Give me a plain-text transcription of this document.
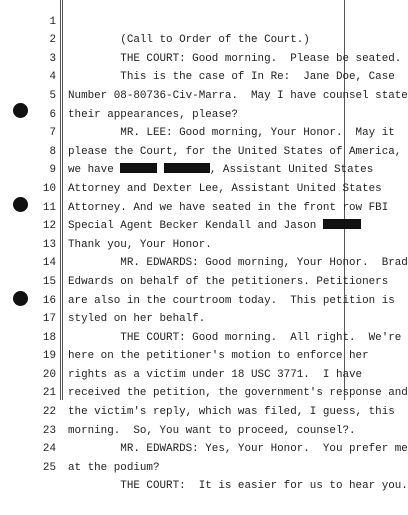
1

(Call to Order of the Court.)

2

THE COURT: Good morning.  Please be seated.

3

This is the case of In Re:  Jane Doe, Case

4

Number 08-80736-Civ-Marra.  May I have counsel state

5

their appearances, please?

6

MR. LEE: Good morning, Your Honor.  May it

7

please the Court, for the United States of America,

8

we have	, Assistant United States

9

Attorney and Dexter Lee, Assistant United States

10

Attorney. And we have seated in the front row FBI

11

Special Agent Becker Kendall and Jason

12

Thank you, Your Honor.

13

MR. EDWARDS: Good morning, Your Honor.  Brad

14

Edwards on behalf of the petitioners. Petitioners

15

are also in the courtroom today.  This petition is

16

styled on her behalf.

17

THE COURT: Good morning.  All right.  We're

18

here on the petitioner's motion to enforce her

19

rights as a victim under 18 USC 3771.  I have

20

received the petition, the government's response and

21

the victim's reply, which was filed, I guess, this

22

morning.  So, You want to proceed, counsel?.

23

MR. EDWARDS: Yes, Your Honor.  You prefer me

24

at the podium?

25

THE COURT:  It is easier for us to hear you.
